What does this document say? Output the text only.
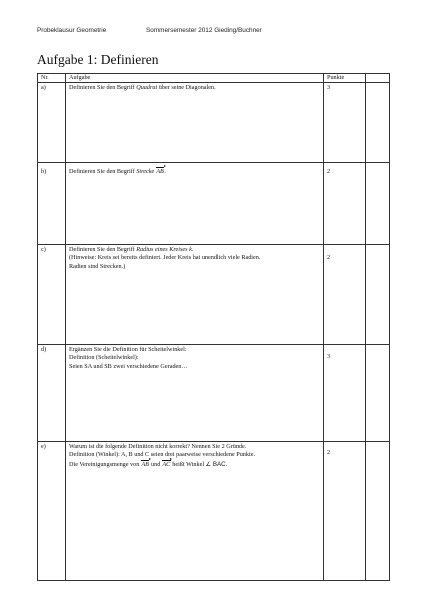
Probeklausur Geometrie	Sommersemester 2012 Gieding/Buchner
Aufgabe 1: Definieren
Nr.	Aufgabe	Punkte	
a)	Definieren Sie den Begriff Quadrat über seine Diagonalen.	3	
b)	Definieren Sie den Begriff Strecke AB.	2	
c)	Definieren Sie den Begriff Radius eines Kreises k.
(Hinweise: Kreis sei bereits definiert. Jeder Kreis hat unendlich viele Radien.
Radien sind Strecken.)	2	
d)	Ergänzen Sie die Definition für Scheitelwinkel:
Definition (Scheitelwinkel):
Seien SA und SB zwei verschiedene Geraden…	3	
e)	Warum ist die folgende Definition nicht korrekt? Nennen Sie 2 Gründe.
Definition (Winkel): A, B und C seien drei paarweise verschiedene Punkte.
Die Vereinigungsmenge von AB und AC heißt Winkel ∠ BAC.	2	
